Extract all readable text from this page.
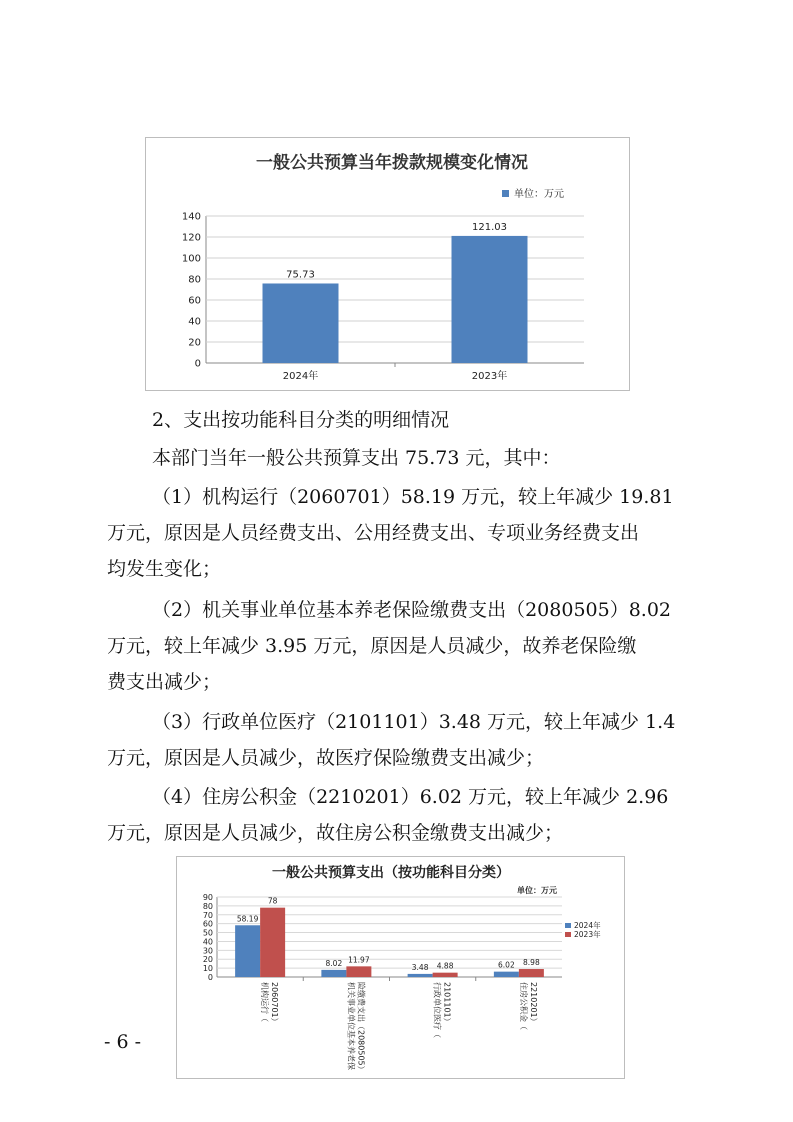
一般公共预算当年拨款规模变化情况
单位：万元
0
20
40
60
80
100
120
140
75.73
2024年
121.03
2023年
2、支出按功能科目分类的明细情况
本部门当年一般公共预算支出 75.73 元，其中：
（1）机构运行（2060701）58.19 万元，较上年减少 19.81
万元，原因是人员经费支出、公用经费支出、专项业务经费支出
均发生变化；
（2）机关事业单位基本养老保险缴费支出（2080505）8.02
万元，较上年减少 3.95 万元，原因是人员减少，故养老保险缴
费支出减少；
（3）行政单位医疗（2101101）3.48 万元，较上年减少 1.4
万元，原因是人员减少，故医疗保险缴费支出减少；
（4）住房公积金（2210201）6.02 万元，较上年减少 2.96
万元，原因是人员减少，故住房公积金缴费支出减少；
一般公共预算支出（按功能科目分类）
单位：万元
0
10
20
30
40
50
60
70
80
90
58.19
78
机构运行（2060701）
8.02 11.97
机关事业单位基本养老保险缴费支出（2080505）
3.48 4.88
行政单位医疗（2101101）
6.02 8.98
住房公积金（2210201）
2024年
2023年
- 6 -
